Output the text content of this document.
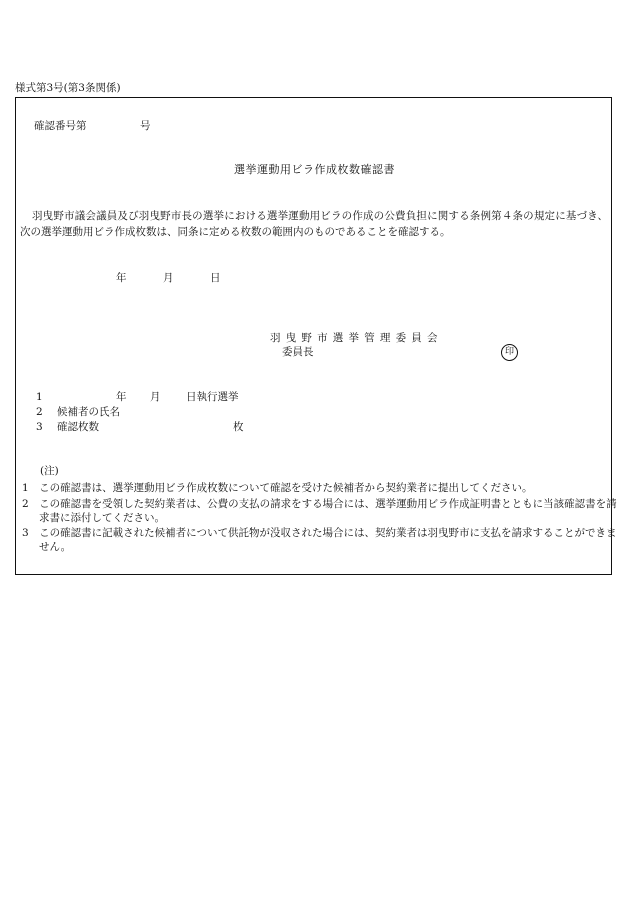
様式第3号(第3条関係)
確認番号第	号
選挙運動用ビラ作成枚数確認書
羽曳野市議会議員及び羽曳野市長の選挙における選挙運動用ビラの作成の公費負担に関する条例第４条の規定に基づき、次の選挙運動用ビラ作成枚数は、同条に定める枚数の範囲内のものであることを確認する。
年	月	日
羽曳野市選挙管理委員会
委員長	印
1	年 月 日執行選挙
2 候補者の氏名
3 確認枚数	枚
(注)
1　この確認書は、選挙運動用ビラ作成枚数について確認を受けた候補者から契約業者に提出してください。
2　この確認書を受領した契約業者は、公費の支払の請求をする場合には、選挙運動用ビラ作成証明書とともに当該確認書を請求書に添付してください。
3　この確認書に記載された候補者について供託物が没収された場合には、契約業者は羽曳野市に支払を請求することができません。
